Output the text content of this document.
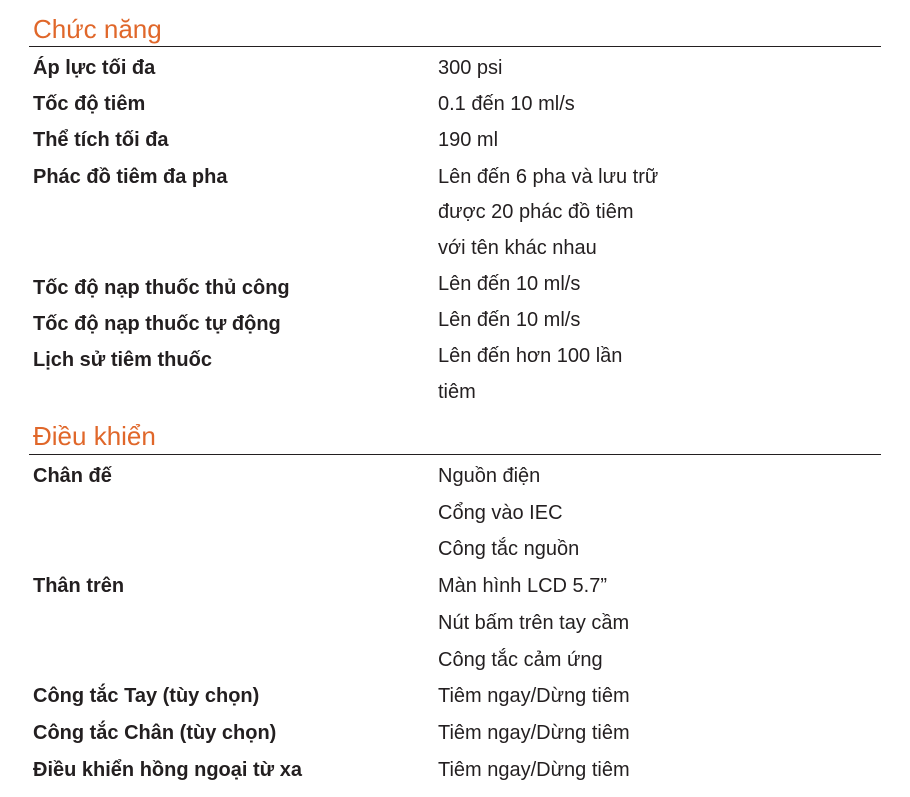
Chức năng
Áp lực tối đa	300 psi
Tốc độ tiêm	0.1 đến 10 ml/s
Thể tích tối đa	190 ml
Phác đồ tiêm đa pha	Lên đến 6 pha và lưu trữ
được 20 phác đồ tiêm
với tên khác nhau
Tốc độ nạp thuốc thủ công	Lên đến 10 ml/s
Tốc độ nạp thuốc tự động	Lên đến 10 ml/s
Lịch sử tiêm thuốc	Lên đến hơn 100 lần
tiêm
Điều khiển
Chân đế	Nguồn điện
Cổng vào IEC
Công tắc nguồn
Thân trên	Màn hình LCD 5.7”
Nút bấm trên tay cầm
Công tắc cảm ứng
Công tắc Tay (tùy chọn)	Tiêm ngay/Dừng tiêm
Công tắc Chân (tùy chọn)	Tiêm ngay/Dừng tiêm
Điều khiển hồng ngoại từ xa	Tiêm ngay/Dừng tiêm
